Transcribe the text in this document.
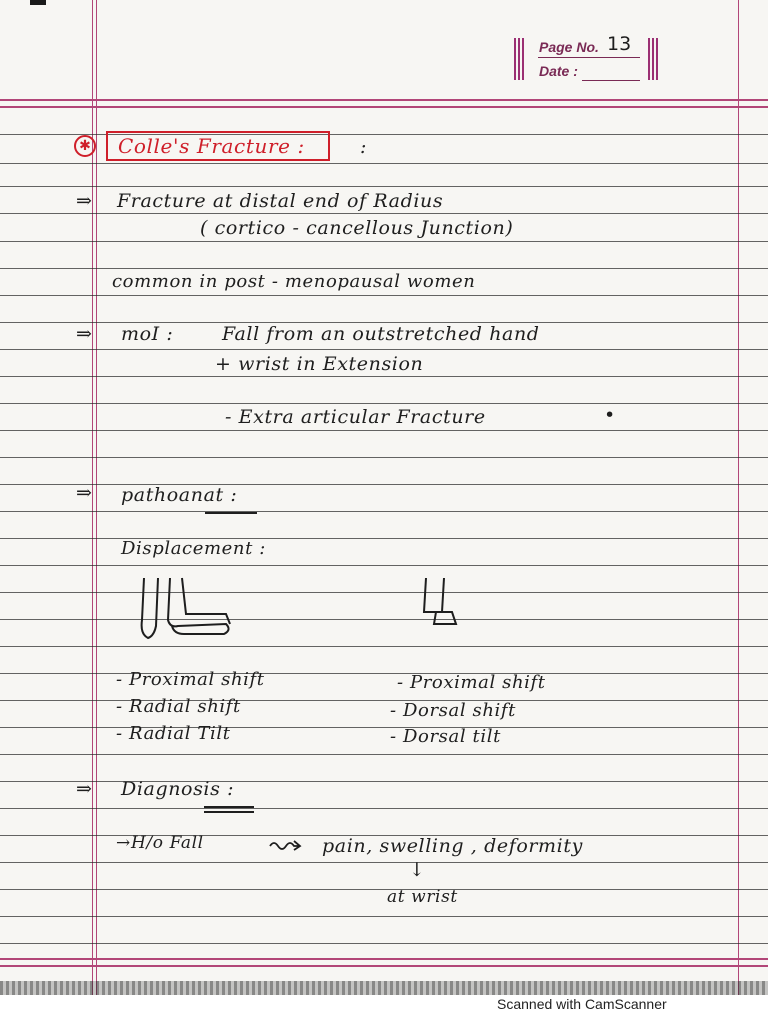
Page No. 13

Date :

✱ Colle's Fracture :	:

⇒ Fracture at distal end of Radius

( cortico - cancellous Junction)

common in post - menopausal women

⇒ moI :	Fall from an outstretched hand

+ wrist in Extension

- Extra articular Fracture	•

⇒ pathoanat :

Displacement :

- Proximal shift

- Radial shift

- Radial Tilt

- Proximal shift

- Dorsal shift

- Dorsal tilt

⇒ Diagnosis :

→ H/o Fall	pain, swelling , deformity

↓

at wrist

Scanned with CamScanner
